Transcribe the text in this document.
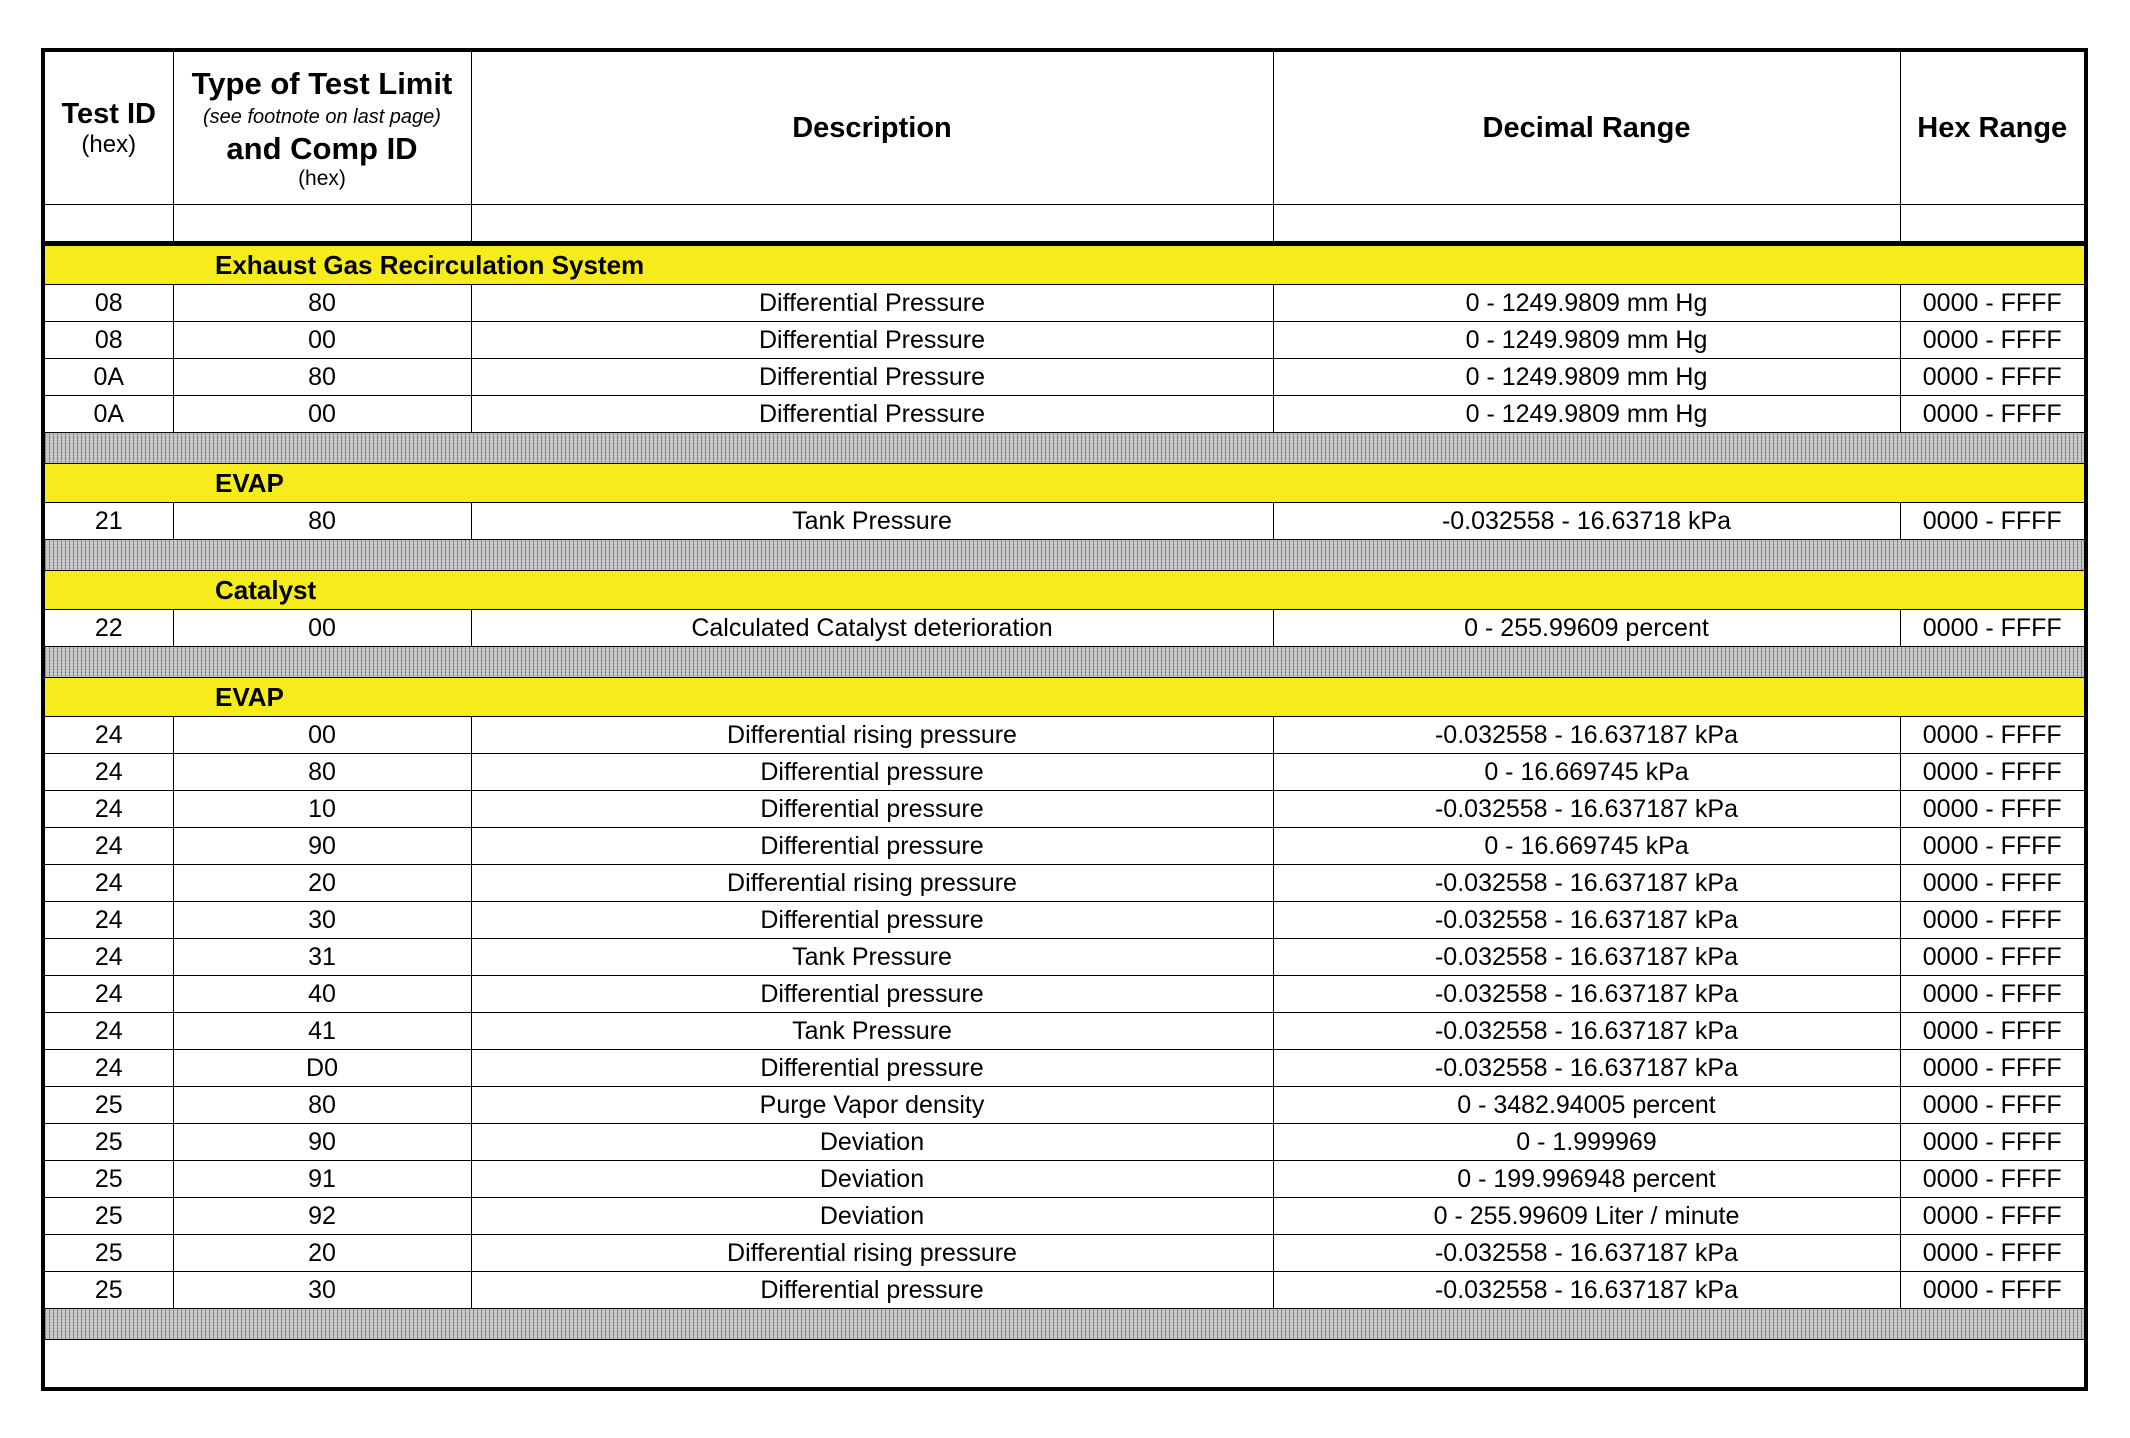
Test ID
(hex)	Type of Test Limit
(see footnote on last page)
and Comp ID
(hex)	Description	Decimal Range	Hex Range

Exhaust Gas Recirculation System				
08	80	Differential Pressure	0 - 1249.9809 mm Hg	0000 - FFFF
08	00	Differential Pressure	0 - 1249.9809 mm Hg	0000 - FFFF
0A	80	Differential Pressure	0 - 1249.9809 mm Hg	0000 - FFFF
0A	00	Differential Pressure	0 - 1249.9809 mm Hg	0000 - FFFF

EVAP				
21	80	Tank Pressure	-0.032558 - 16.63718 kPa	0000 - FFFF

Catalyst				
22	00	Calculated Catalyst deterioration	0 - 255.99609 percent	0000 - FFFF

EVAP				
24	00	Differential rising pressure	-0.032558 - 16.637187 kPa	0000 - FFFF
24	80	Differential pressure	0 - 16.669745 kPa	0000 - FFFF
24	10	Differential pressure	-0.032558 - 16.637187 kPa	0000 - FFFF
24	90	Differential pressure	0 - 16.669745 kPa	0000 - FFFF
24	20	Differential rising pressure	-0.032558 - 16.637187 kPa	0000 - FFFF
24	30	Differential pressure	-0.032558 - 16.637187 kPa	0000 - FFFF
24	31	Tank Pressure	-0.032558 - 16.637187 kPa	0000 - FFFF
24	40	Differential pressure	-0.032558 - 16.637187 kPa	0000 - FFFF
24	41	Tank Pressure	-0.032558 - 16.637187 kPa	0000 - FFFF
24	D0	Differential pressure	-0.032558 - 16.637187 kPa	0000 - FFFF
25	80	Purge Vapor density	0 - 3482.94005 percent	0000 - FFFF
25	90	Deviation	0 - 1.999969	0000 - FFFF
25	91	Deviation	0 - 199.996948 percent	0000 - FFFF
25	92	Deviation	0 - 255.99609 Liter / minute	0000 - FFFF
25	20	Differential rising pressure	-0.032558 - 16.637187 kPa	0000 - FFFF
25	30	Differential pressure	-0.032558 - 16.637187 kPa	0000 - FFFF
